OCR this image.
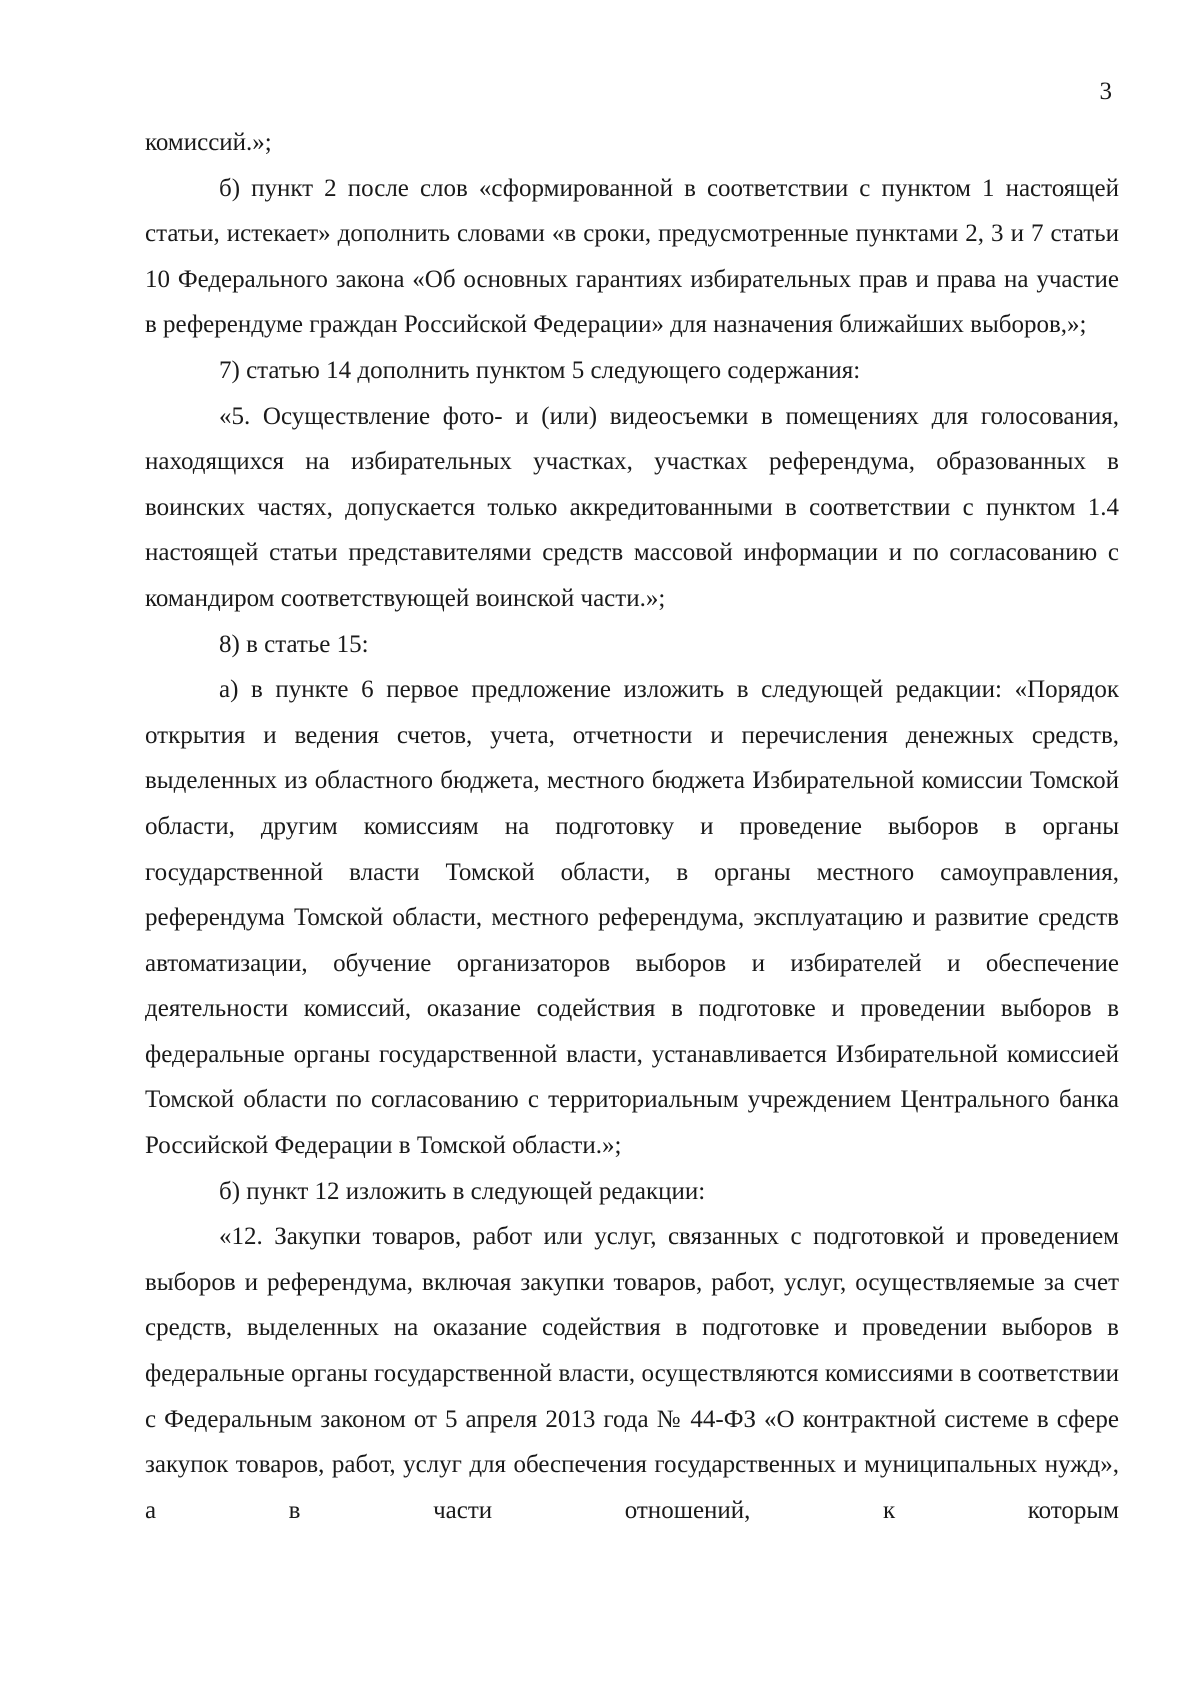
3

комиссий.»;

б) пункт 2 после слов «сформированной в соответствии с пунктом 1 настоящей статьи, истекает» дополнить словами «в сроки, предусмотренные пунктами 2, 3 и 7 статьи 10 Федерального закона «Об основных гарантиях избирательных прав и права на участие в референдуме граждан Российской Федерации» для назначения ближайших выборов,»;

7) статью 14 дополнить пунктом 5 следующего содержания:

«5. Осуществление фото- и (или) видеосъемки в помещениях для голосования, находящихся на избирательных участках, участках референдума, образованных в воинских частях, допускается только аккредитованными в соответствии с пунктом 1.4 настоящей статьи представителями средств массовой информации и по согласованию с командиром соответствующей воинской части.»;

8) в статье 15:

а) в пункте 6 первое предложение изложить в следующей редакции: «Порядок открытия и ведения счетов, учета, отчетности и перечисления денежных средств, выделенных из областного бюджета, местного бюджета Избирательной комиссии Томской области, другим комиссиям на подготовку и проведение выборов в органы государственной власти Томской области, в органы местного самоуправления, референдума Томской области, местного референдума, эксплуатацию и развитие средств автоматизации, обучение организаторов выборов и избирателей и обеспечение деятельности комиссий, оказание содействия в подготовке и проведении выборов в федеральные органы государственной власти, устанавливается Избирательной комиссией Томской области по согласованию с территориальным учреждением Центрального банка Российской Федерации в Томской области.»;

б) пункт 12 изложить в следующей редакции:

«12. Закупки товаров, работ или услуг, связанных с подготовкой и проведением выборов и референдума, включая закупки товаров, работ, услуг, осуществляемые за счет средств, выделенных на оказание содействия в подготовке и проведении выборов в федеральные органы государственной власти, осуществляются комиссиями в соответствии с Федеральным законом от 5 апреля 2013 года № 44-ФЗ «О контрактной системе в сфере закупок товаров, работ, услуг для обеспечения государственных и муниципальных нужд», а в части отношений, к которым
